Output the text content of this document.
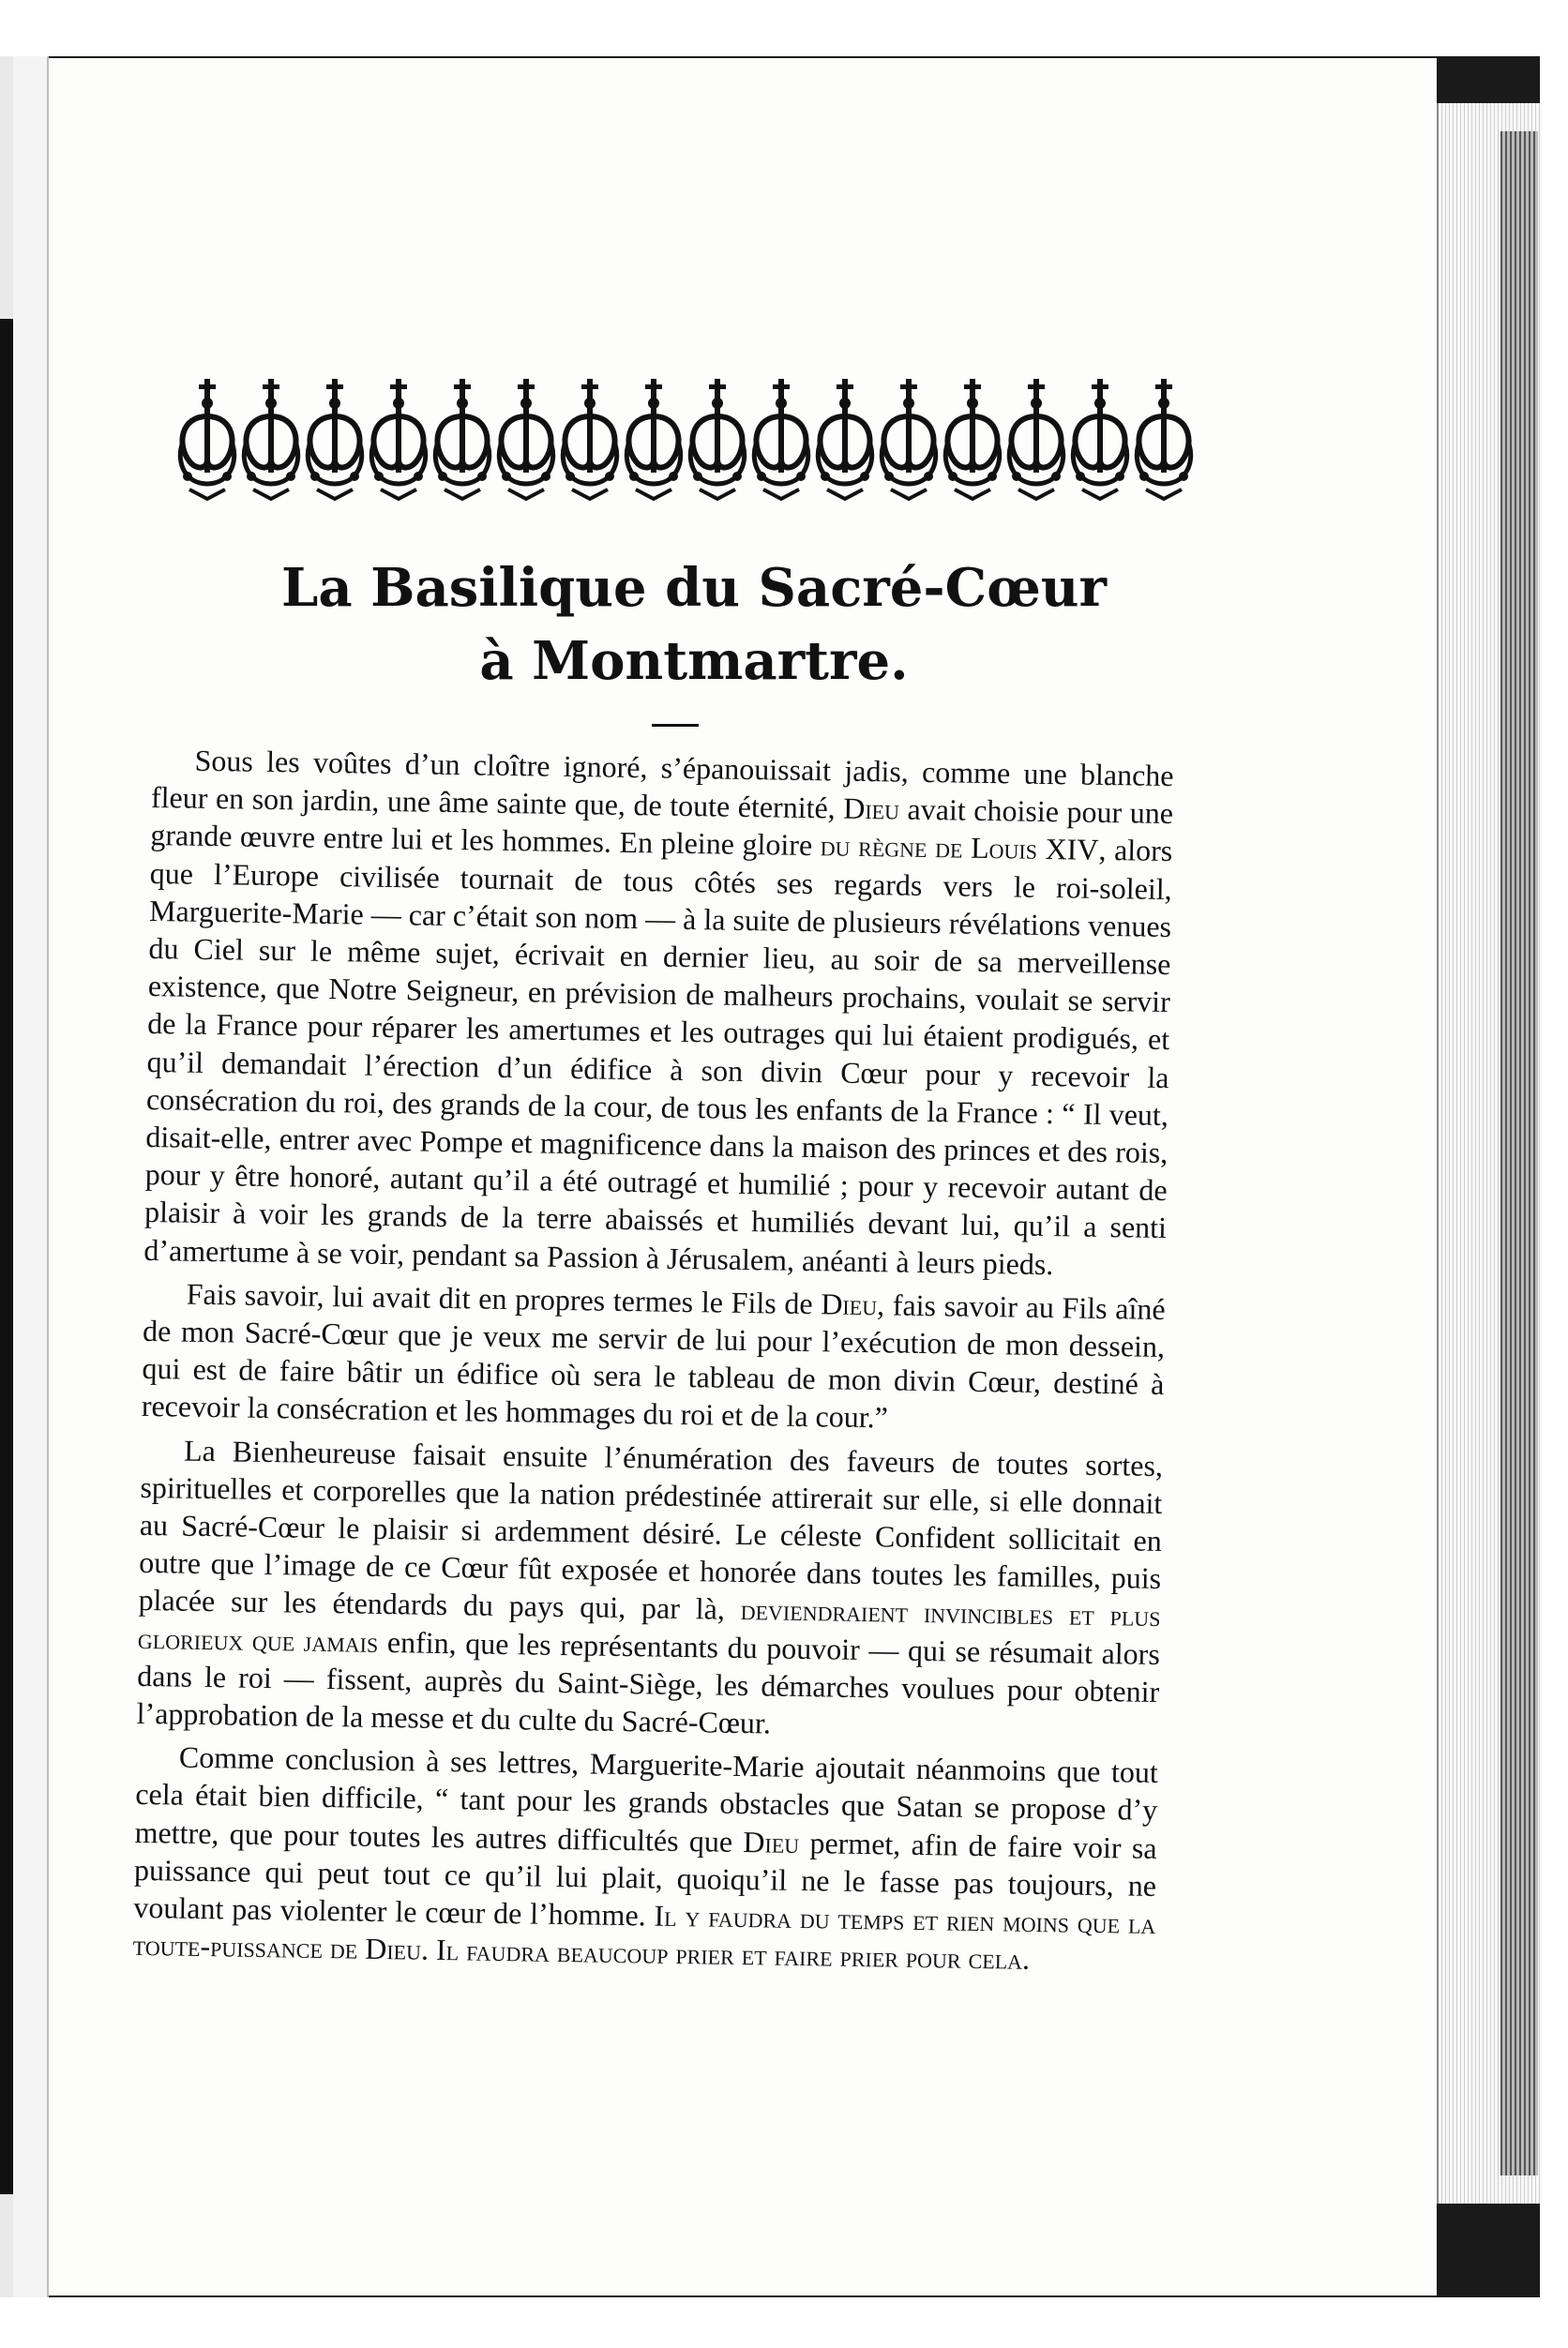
La Basilique du Sacré-Cœur
à Montmartre.

Sous les voûtes d’un cloître ignoré, s’épanouissait jadis, comme une blanche fleur en son jardin, une âme sainte que, de toute éternité, Dieu avait choisie pour une grande œuvre entre lui et les hommes. En pleine gloire du règne de Louis XIV, alors que l’Europe civilisée tournait de tous côtés ses regards vers le roi-soleil, Marguerite-Marie — car c’était son nom — à la suite de plusieurs révélations venues du Ciel sur le même sujet, écrivait en dernier lieu, au soir de sa merveillense existence, que Notre Seigneur, en prévision de malheurs prochains, voulait se servir de la France pour réparer les amertumes et les outrages qui lui étaient prodigués, et qu’il demandait l’érection d’un édifice à son divin Cœur pour y recevoir la consécration du roi, des grands de la cour, de tous les enfants de la France : “ Il veut, disait-elle, entrer avec Pompe et magnificence dans la maison des princes et des rois, pour y être honoré, autant qu’il a été outragé et humilié ; pour y recevoir autant de plaisir à voir les grands de la terre abaissés et humiliés devant lui, qu’il a senti d’amertume à se voir, pendant sa Passion à Jérusalem, anéanti à leurs pieds.

Fais savoir, lui avait dit en propres termes le Fils de Dieu, fais savoir au Fils aîné de mon Sacré-Cœur que je veux me servir de lui pour l’exécution de mon dessein, qui est de faire bâtir un édifice où sera le tableau de mon divin Cœur, destiné à recevoir la consécration et les hommages du roi et de la cour.”

La Bienheureuse faisait ensuite l’énumération des faveurs de toutes sortes, spirituelles et corporelles que la nation prédestinée attirerait sur elle, si elle donnait au Sacré-Cœur le plaisir si ardemment désiré. Le céleste Confident sollicitait en outre que l’image de ce Cœur fût exposée et honorée dans toutes les familles, puis placée sur les étendards du pays qui, par là, deviendraient invincibles et plus glorieux que jamais enfin, que les représentants du pouvoir — qui se résumait alors dans le roi — fissent, auprès du Saint-Siège, les démarches voulues pour obtenir l’approbation de la messe et du culte du Sacré-Cœur.

Comme conclusion à ses lettres, Marguerite-Marie ajoutait néanmoins que tout cela était bien difficile, “ tant pour les grands obstacles que Satan se propose d’y mettre, que pour toutes les autres difficultés que Dieu permet, afin de faire voir sa puissance qui peut tout ce qu’il lui plait, quoiqu’il ne le fasse pas toujours, ne voulant pas violenter le cœur de l’homme. Il y faudra du temps et rien moins que la toute-puissance de Dieu. Il faudra beaucoup prier et faire prier pour cela.
